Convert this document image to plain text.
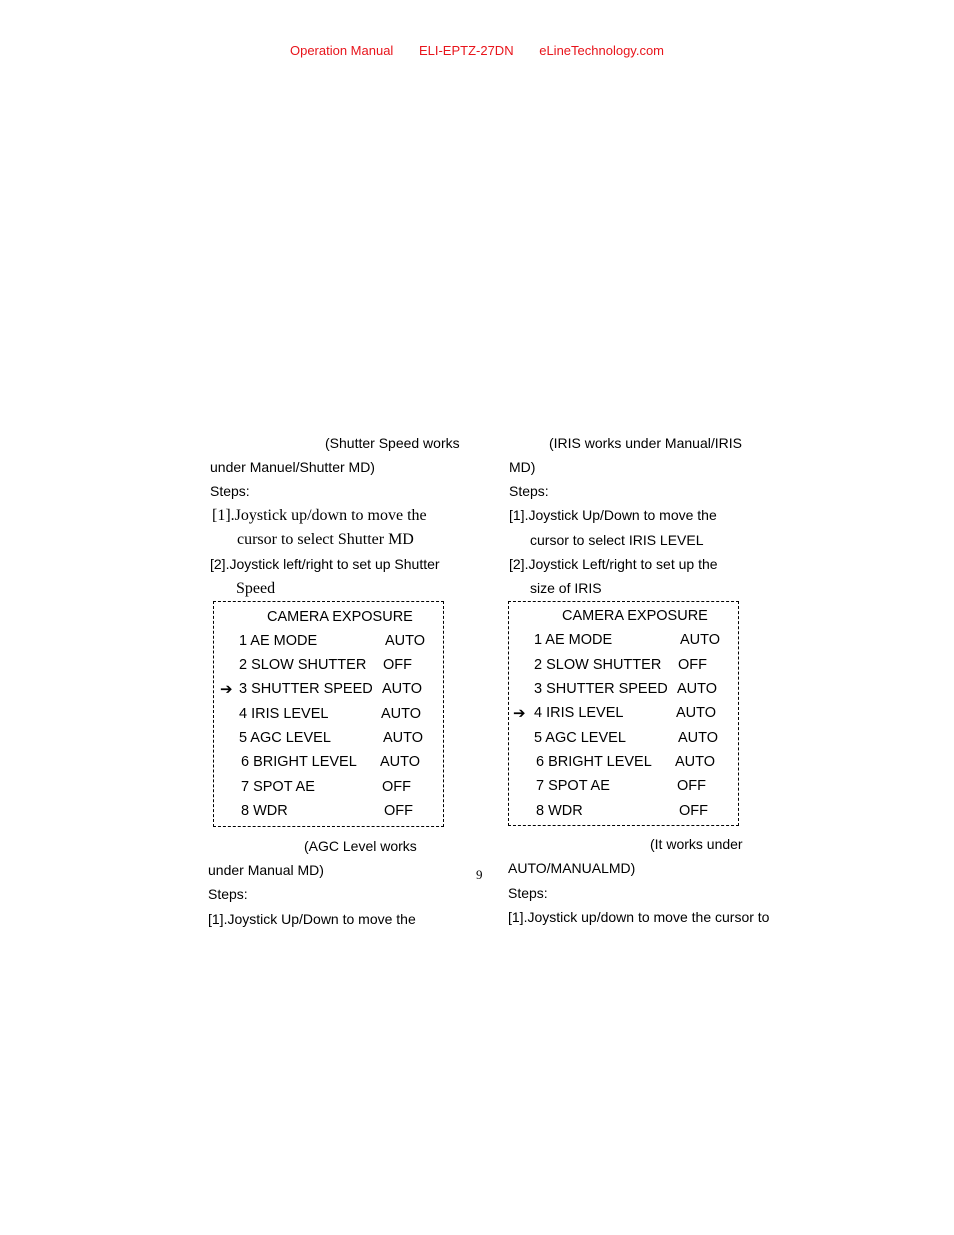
Operation Manual ELI-EPTZ-27DN eLineTechnology.com
(Shutter Speed works
under Manuel/Shutter MD)
Steps:
[1].Joystick up/down to move the
cursor to select Shutter MD
[2].Joystick left/right to set up Shutter
Speed
(AGC Level works
under Manual MD)
Steps:
[1].Joystick Up/Down to move the
(IRIS works under Manual/IRIS
MD)
Steps:
[1].Joystick Up/Down to move the
cursor to select IRIS LEVEL
[2].Joystick Left/right to set up the
size of IRIS
(It works under
AUTO/MANUALMD)
Steps:
[1].Joystick up/down to move the cursor to
CAMERA EXPOSURE
1 AE MODE	AUTO
2 SLOW SHUTTER OFF
➔ 3 SHUTTER SPEED AUTO
4 IRIS LEVEL	AUTO
5 AGC LEVEL	AUTO
6 BRIGHT LEVEL AUTO
7 SPOT AE	OFF
8 WDR	OFF
CAMERA EXPOSURE
1 AE MODE	AUTO
2 SLOW SHUTTER OFF
3 SHUTTER SPEED AUTO
➔ 4 IRIS LEVEL	AUTO
5 AGC LEVEL	AUTO
6 BRIGHT LEVEL AUTO
7 SPOT AE	OFF
8 WDR	OFF
9
